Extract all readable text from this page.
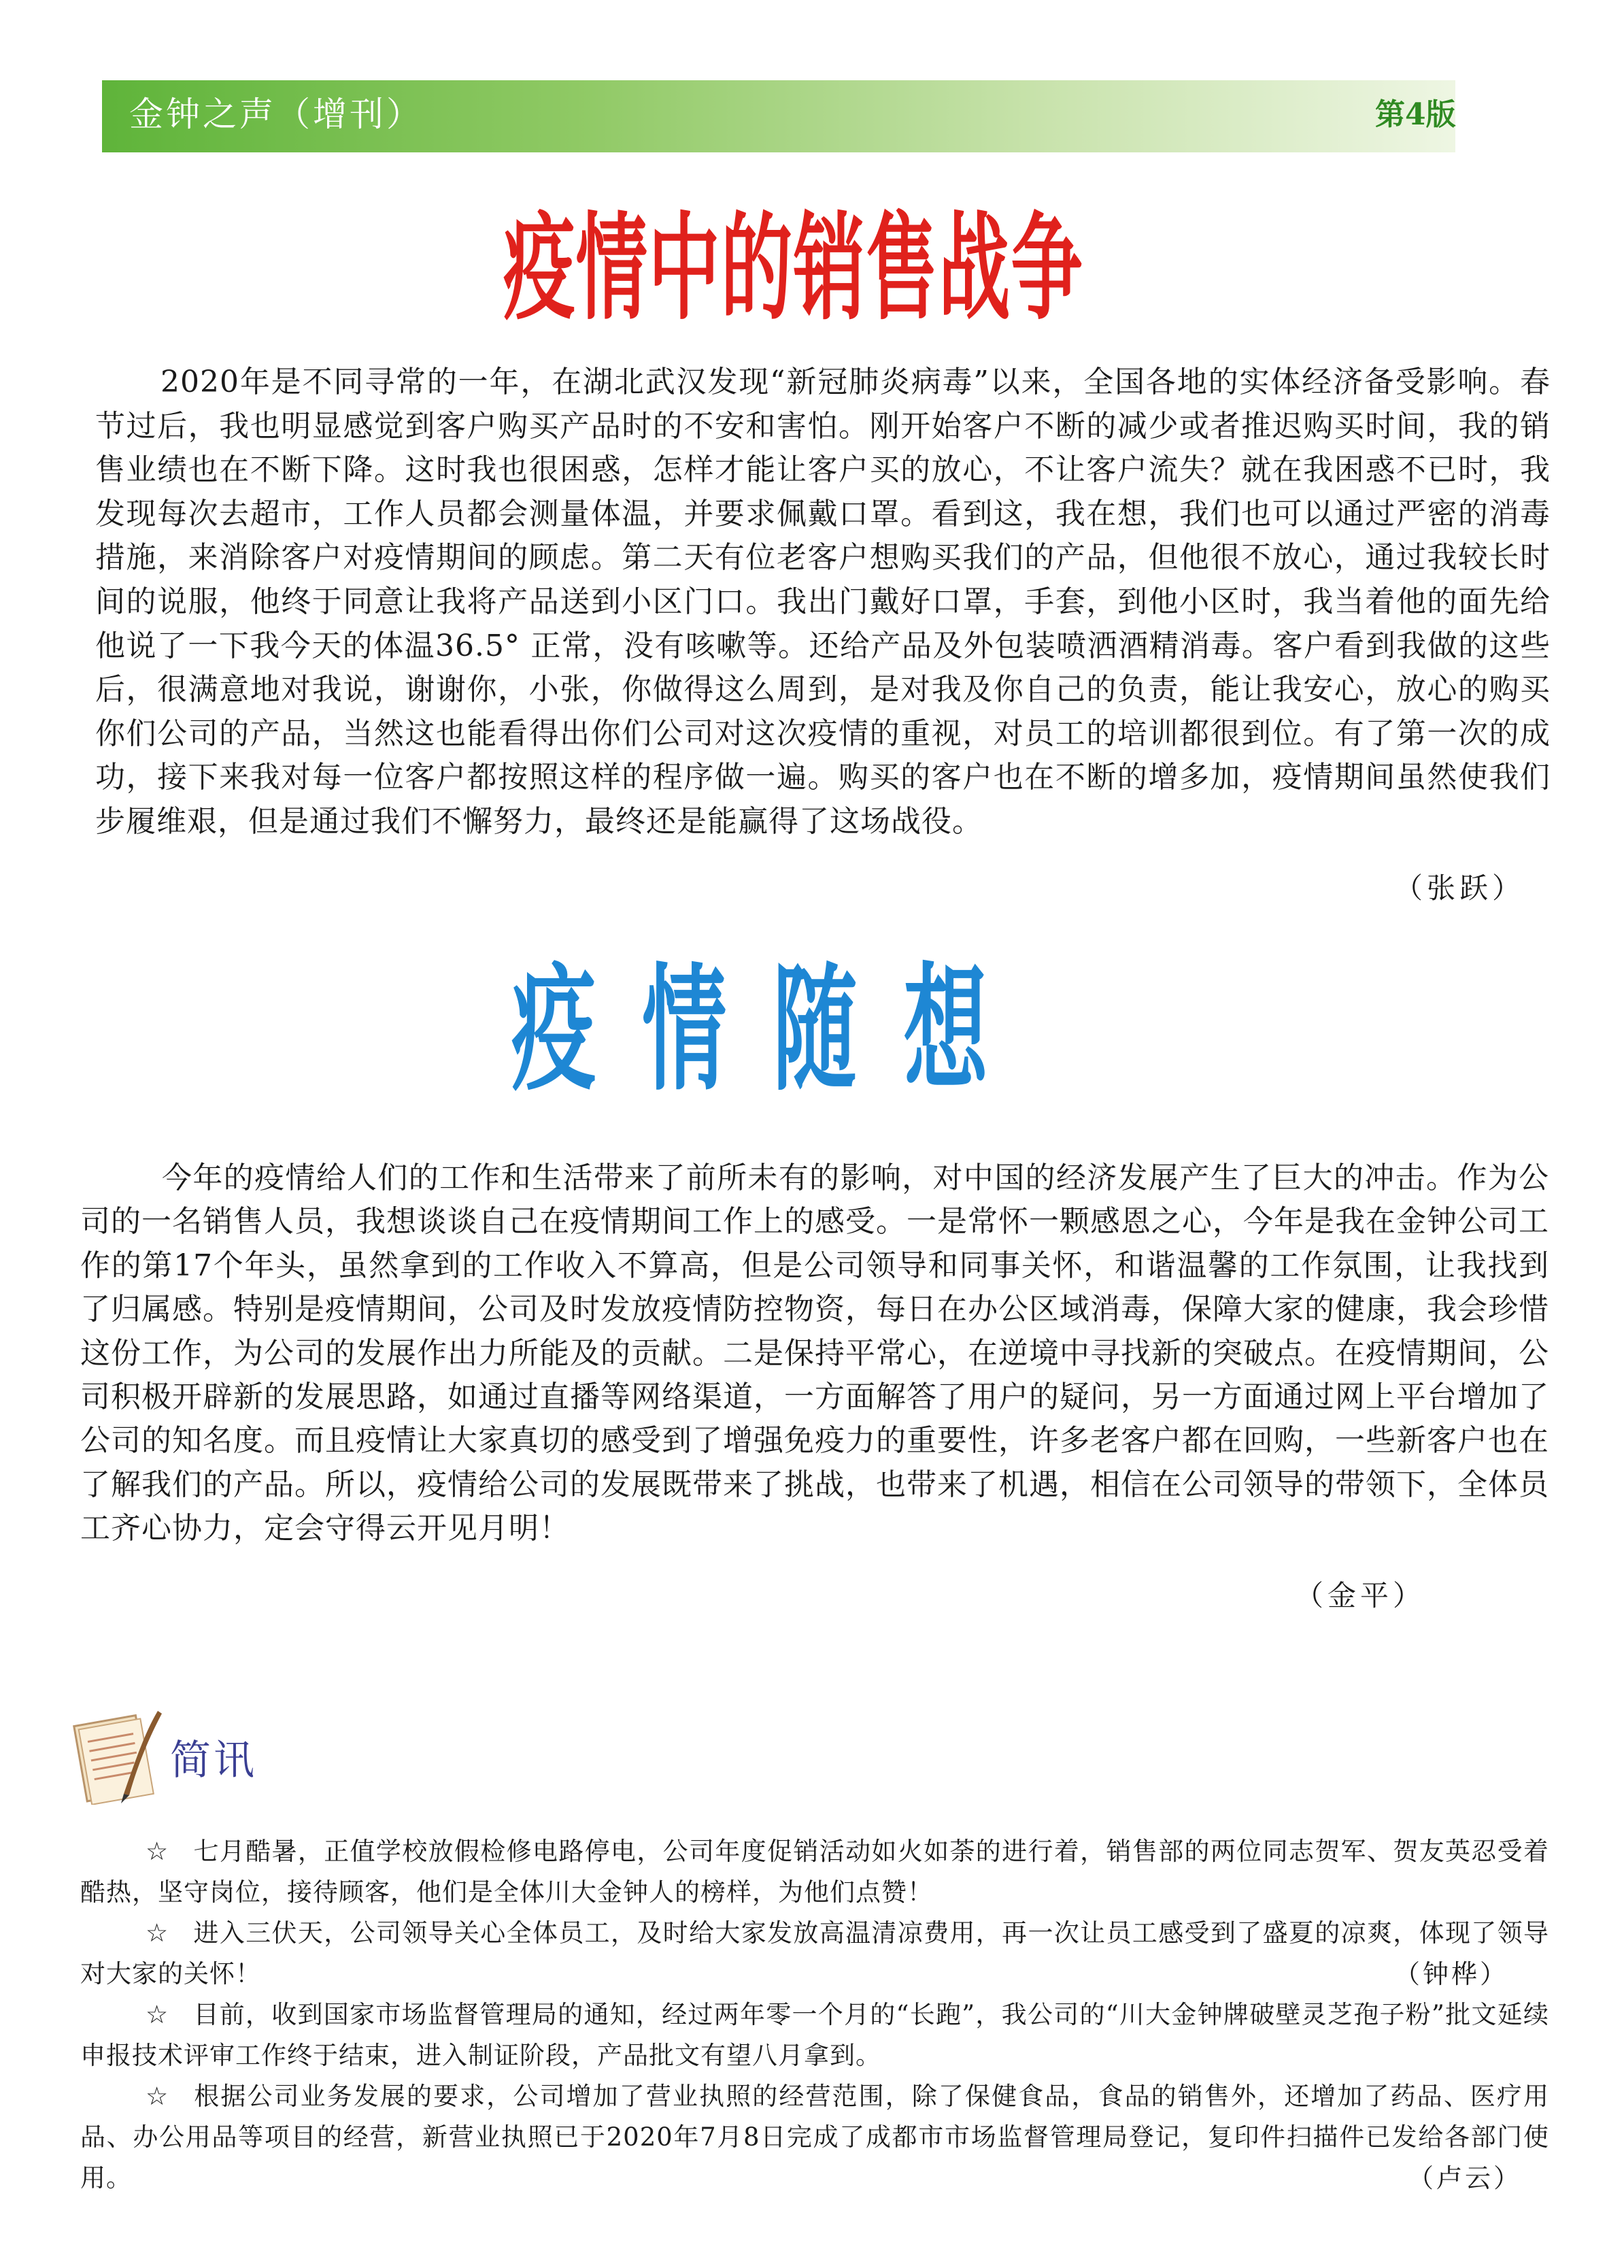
金钟之声（增刊）	第4版
疫情中的销售战争

2020年是不同寻常的一年，在湖北武汉发现“新冠肺炎病毒”以来，全国各地的实体经济备受影响。春节过后，我也明显感觉到客户购买产品时的不安和害怕。刚开始客户不断的减少或者推迟购买时间，我的销售业绩也在不断下降。这时我也很困惑，怎样才能让客户买的放心，不让客户流失？就在我困惑不已时，我发现每次去超市，工作人员都会测量体温，并要求佩戴口罩。看到这，我在想，我们也可以通过严密的消毒措施，来消除客户对疫情期间的顾虑。第二天有位老客户想购买我们的产品，但他很不放心，通过我较长时间的说服，他终于同意让我将产品送到小区门口。我出门戴好口罩，手套，到他小区时，我当着他的面先给他说了一下我今天的体温36.5° 正常，没有咳嗽等。还给产品及外包装喷洒酒精消毒。客户看到我做的这些后，很满意地对我说，谢谢你，小张，你做得这么周到，是对我及你自己的负责，能让我安心，放心的购买你们公司的产品，当然这也能看得出你们公司对这次疫情的重视，对员工的培训都很到位。有了第一次的成功，接下来我对每一位客户都按照这样的程序做一遍。购买的客户也在不断的增多加，疫情期间虽然使我们步履维艰，但是通过我们不懈努力，最终还是能赢得了这场战役。

（张跃）
疫情随想

今年的疫情给人们的工作和生活带来了前所未有的影响，对中国的经济发展产生了巨大的冲击。作为公司的一名销售人员，我想谈谈自己在疫情期间工作上的感受。一是常怀一颗感恩之心，今年是我在金钟公司工作的第17个年头，虽然拿到的工作收入不算高，但是公司领导和同事关怀，和谐温馨的工作氛围，让我找到了归属感。特别是疫情期间，公司及时发放疫情防控物资，每日在办公区域消毒，保障大家的健康，我会珍惜这份工作，为公司的发展作出力所能及的贡献。二是保持平常心，在逆境中寻找新的突破点。在疫情期间，公司积极开辟新的发展思路，如通过直播等网络渠道，一方面解答了用户的疑问，另一方面通过网上平台增加了公司的知名度。而且疫情让大家真切的感受到了增强免疫力的重要性，许多老客户都在回购，一些新客户也在了解我们的产品。所以，疫情给公司的发展既带来了挑战，也带来了机遇，相信在公司领导的带领下，全体员工齐心协力，定会守得云开见月明！

（金平）
简讯

☆ 七月酷暑，正值学校放假检修电路停电，公司年度促销活动如火如荼的进行着，销售部的两位同志贺军、贺友英忍受着酷热，坚守岗位，接待顾客，他们是全体川大金钟人的榜样，为他们点赞！

☆ 进入三伏天，公司领导关心全体员工，及时给大家发放高温清凉费用，再一次让员工感受到了盛夏的凉爽，体现了领导对大家的关怀！	（钟桦）

☆ 目前，收到国家市场监督管理局的通知，经过两年零一个月的“长跑”，我公司的“川大金钟牌破壁灵芝孢子粉”批文延续申报技术评审工作终于结束，进入制证阶段，产品批文有望八月拿到。

☆ 根据公司业务发展的要求，公司增加了营业执照的经营范围，除了保健食品，食品的销售外，还增加了药品、医疗用品、办公用品等项目的经营，新营业执照已于2020年7月8日完成了成都市市场监督管理局登记，复印件扫描件已发给各部门使用。	（卢云）
